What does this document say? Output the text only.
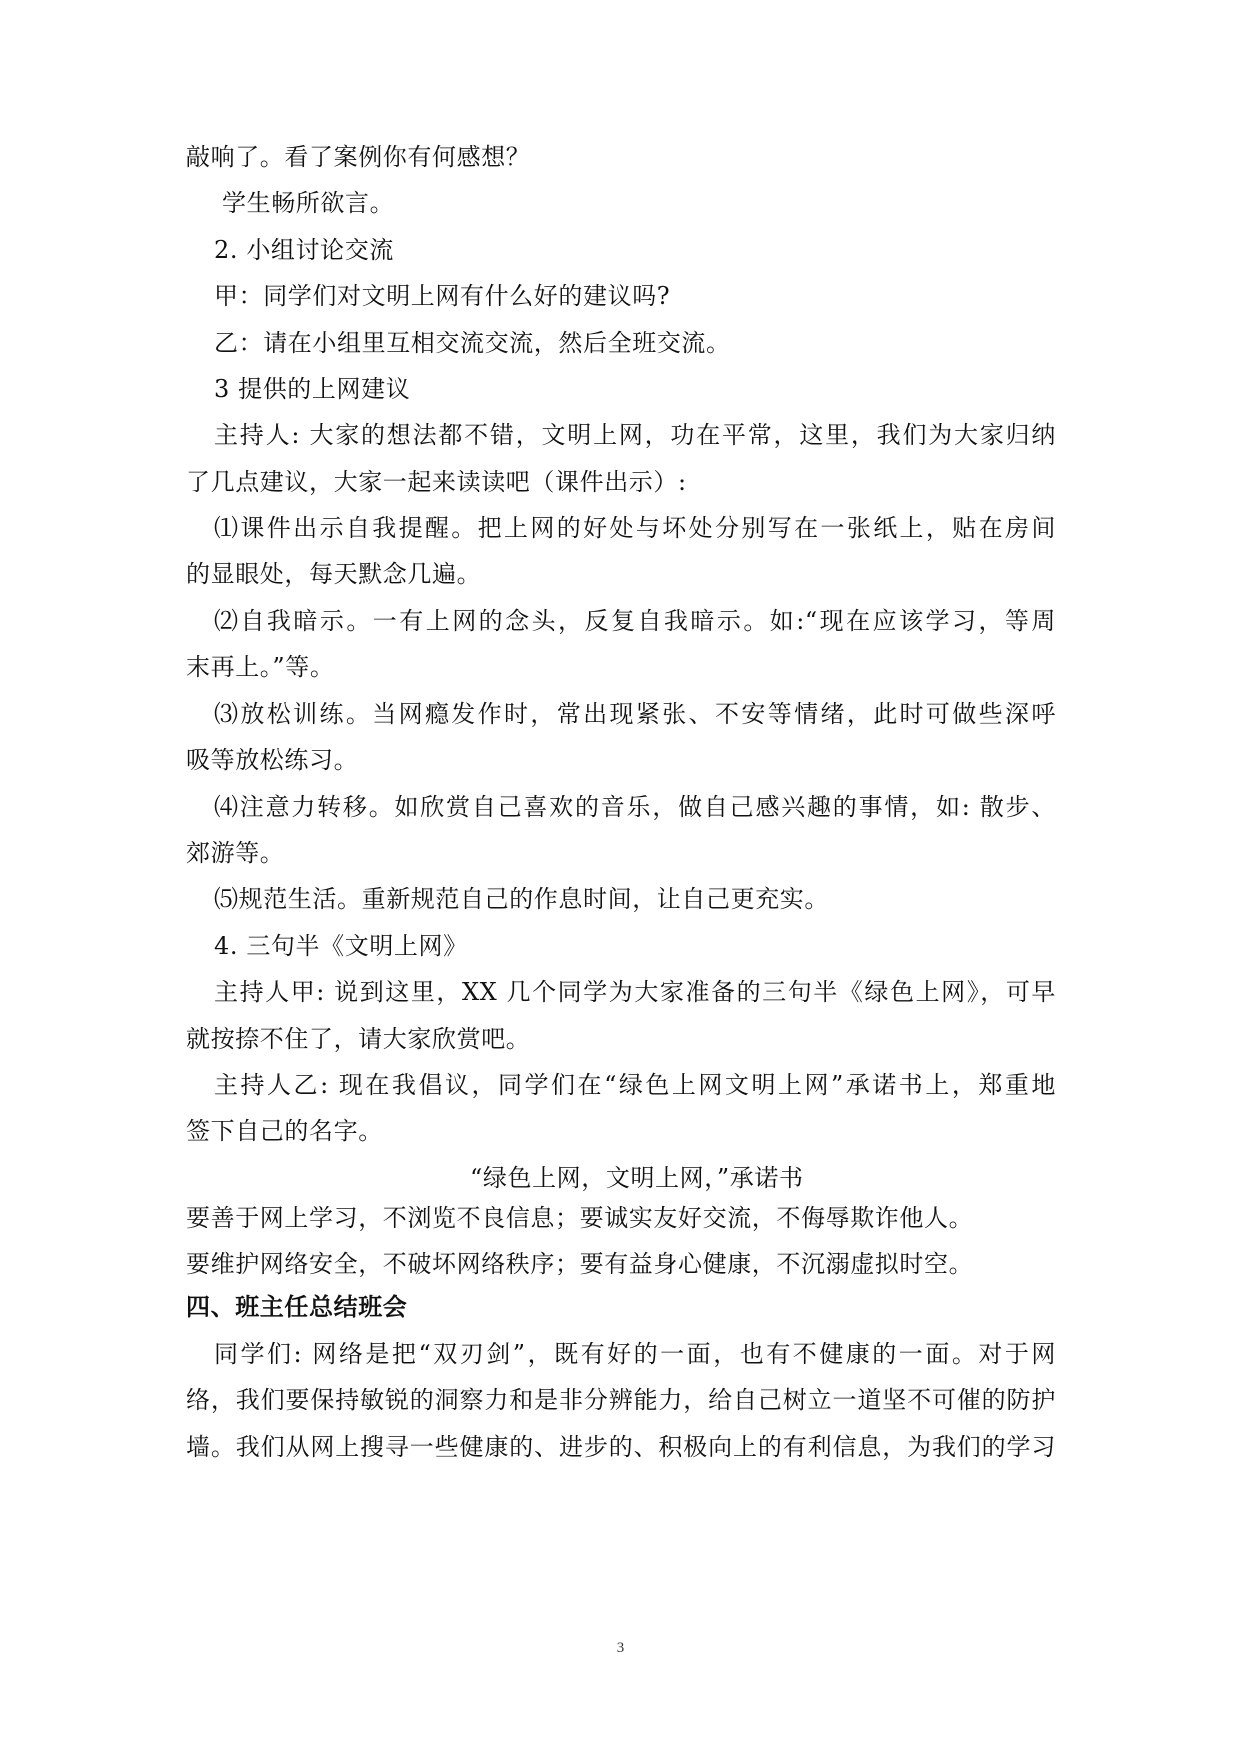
敲响了。看了案例你有何感想？
学生畅所欲言。
2. 小组讨论交流
甲：同学们对文明上网有什么好的建议吗?
乙：请在小组里互相交流交流，然后全班交流。
3 提供的上网建议
主持人: 大家的想法都不错，文明上网，功在平常，这里，我们为大家归纳
了几点建议，大家一起来读读吧（课件出示）:
⑴课件出示自我提醒。把上网的好处与坏处分别写在一张纸上，贴在房间
的显眼处，每天默念几遍。
⑵自我暗示。一有上网的念头，反复自我暗示。如:“现在应该学习，等周
末再上。”等。
⑶放松训练。当网瘾发作时，常出现紧张、不安等情绪，此时可做些深呼
吸等放松练习。
⑷注意力转移。如欣赏自己喜欢的音乐，做自己感兴趣的事情，如: 散步、
郊游等。
⑸规范生活。重新规范自己的作息时间，让自己更充实。
4. 三句半《文明上网》
主持人甲: 说到这里，XX 几个同学为大家准备的三句半《绿色上网》，可早
就按捺不住了，请大家欣赏吧。
主持人乙: 现在我倡议，同学们在“绿色上网文明上网”承诺书上，郑重地
签下自己的名字。
“绿色上网，文明上网，”承诺书
要善于网上学习，不浏览不良信息；要诚实友好交流，不侮辱欺诈他人。
要维护网络安全，不破坏网络秩序；要有益身心健康，不沉溺虚拟时空。
四、班主任总结班会
同学们: 网络是把“双刃剑”，既有好的一面，也有不健康的一面。对于网
络，我们要保持敏锐的洞察力和是非分辨能力，给自己树立一道坚不可催的防护
墙。我们从网上搜寻一些健康的、进步的、积极向上的有利信息，为我们的学习
3
